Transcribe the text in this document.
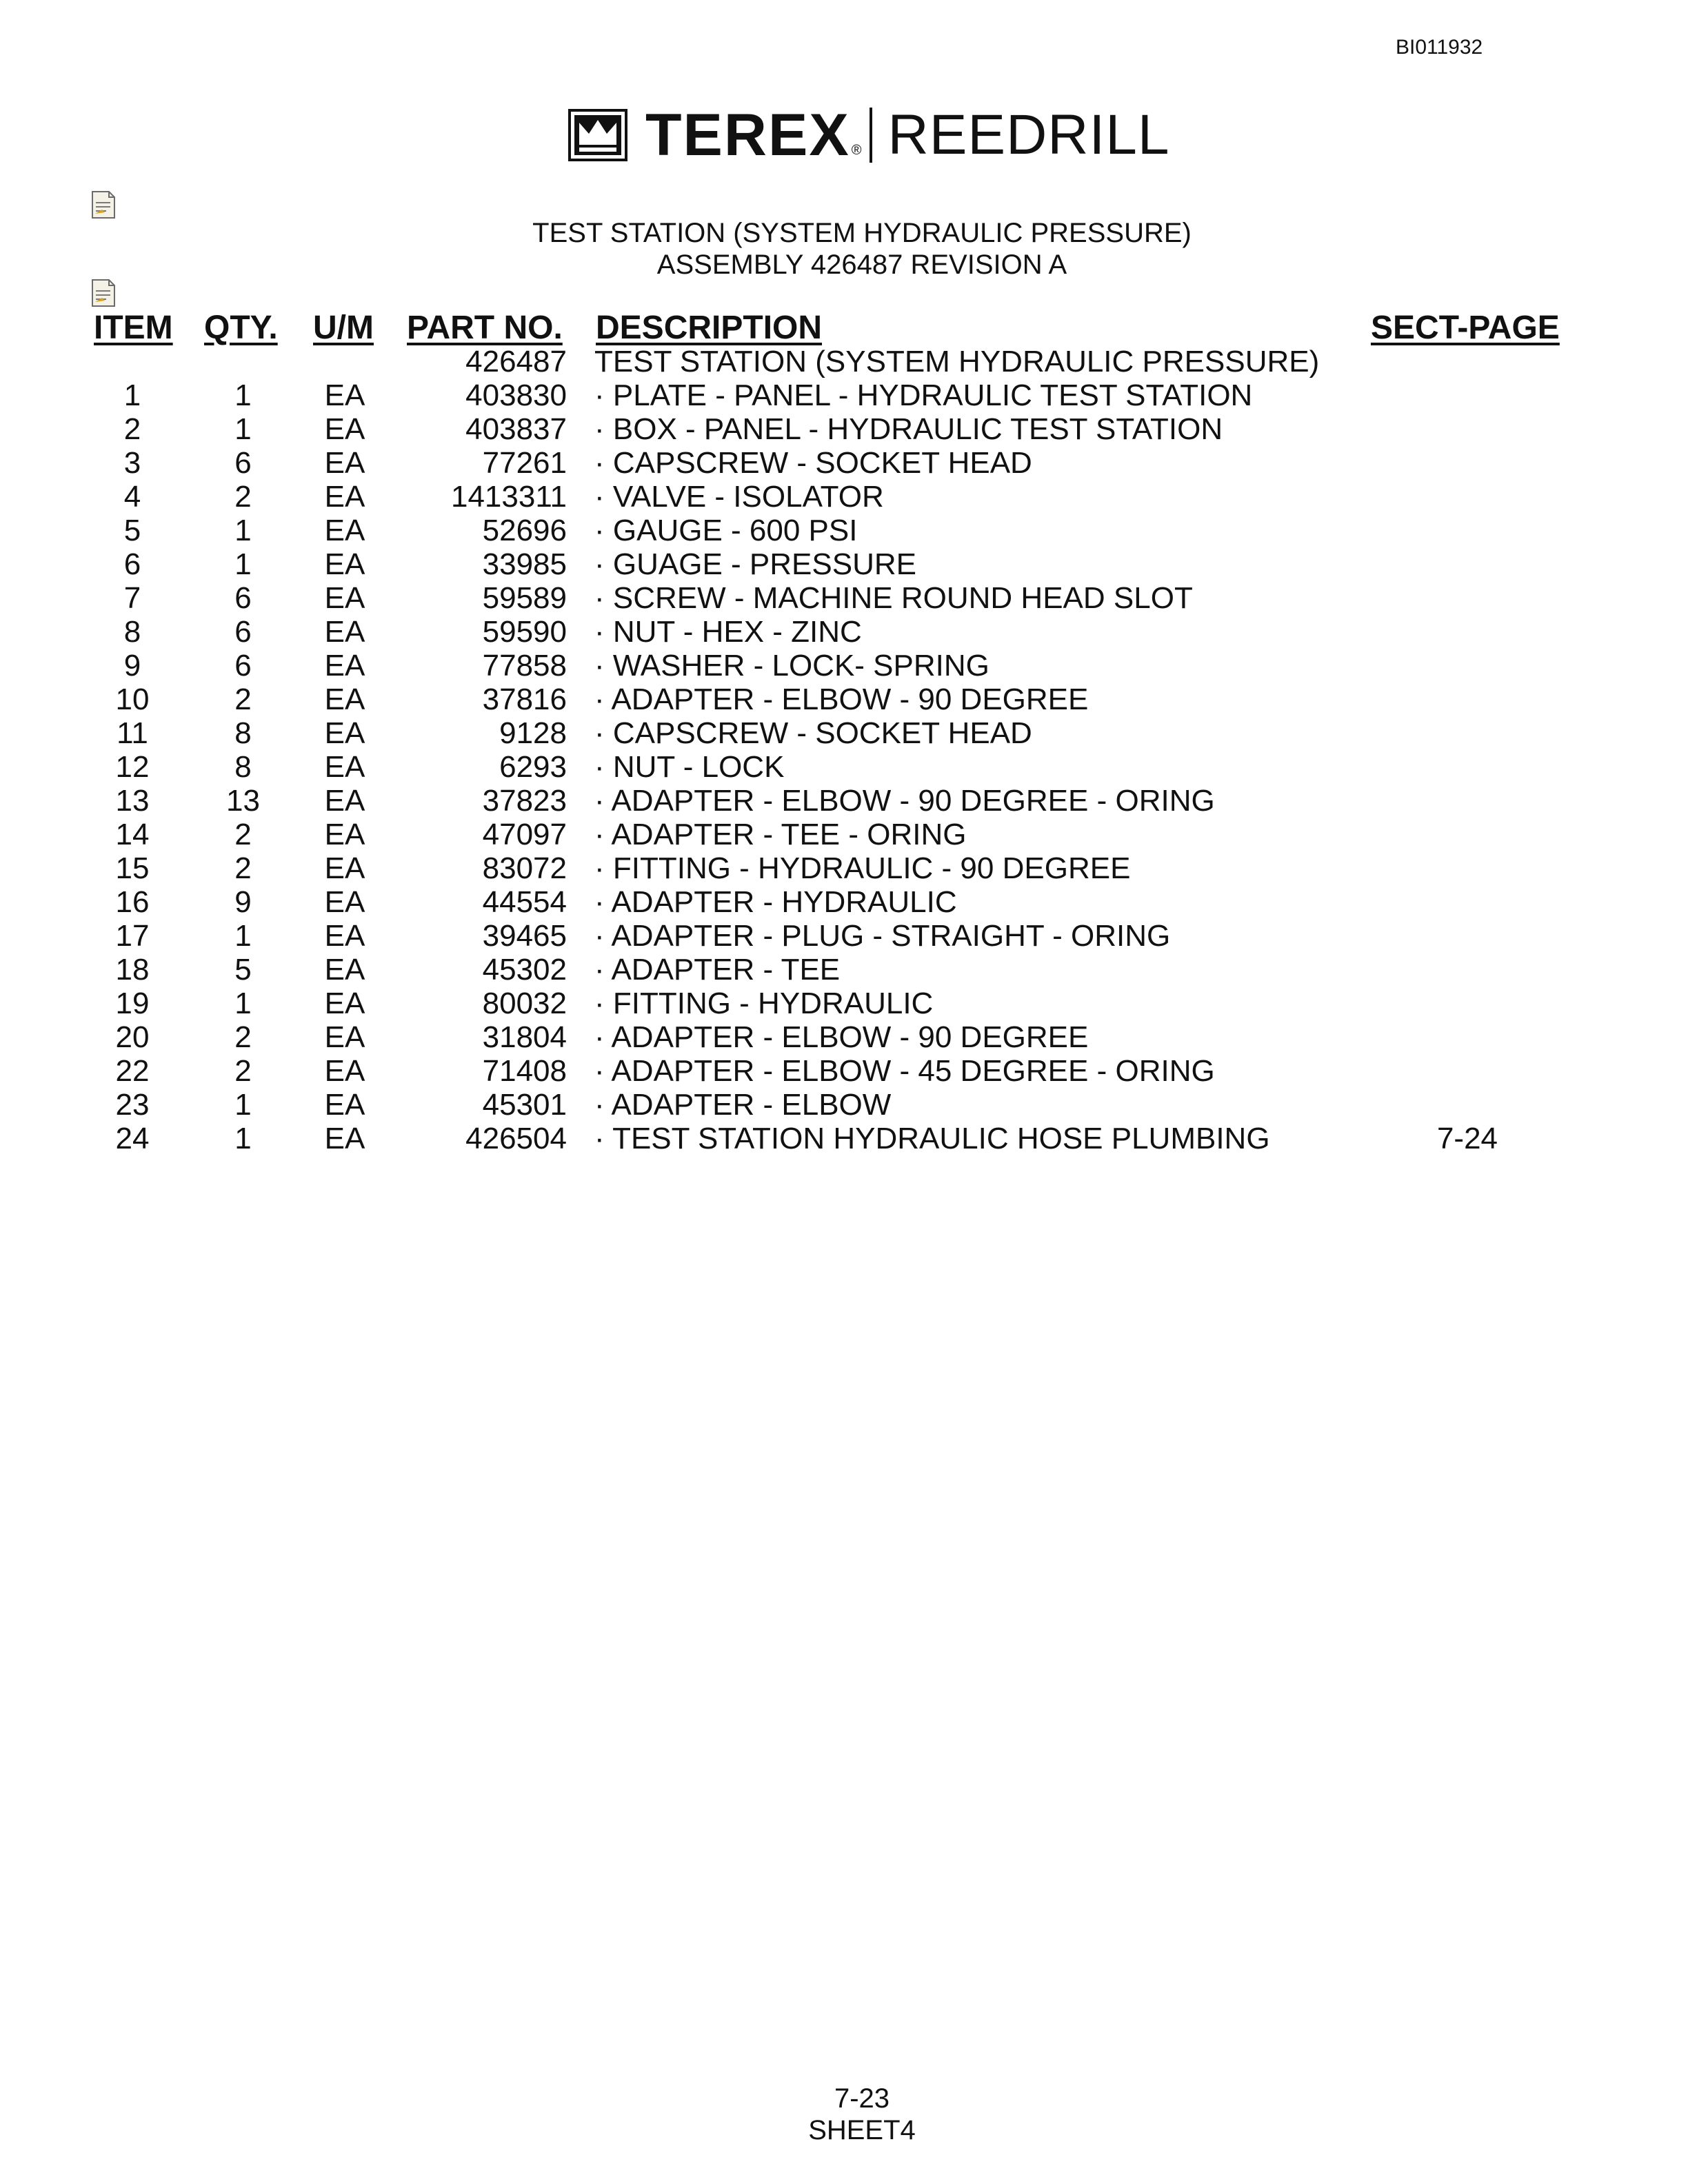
BI011932
TEREX ® REEDRILL
TEST STATION (SYSTEM HYDRAULIC PRESSURE)
ASSEMBLY 426487 REVISION A
ITEM QTY. U/M PART NO. DESCRIPTION	SECT-PAGE
426487 TEST STATION (SYSTEM HYDRAULIC PRESSURE)
1	1	EA	403830 · PLATE - PANEL - HYDRAULIC TEST STATION
2	1	EA	403837 · BOX - PANEL - HYDRAULIC TEST STATION
3	6	EA	77261 · CAPSCREW - SOCKET HEAD
4	2	EA	1413311 · VALVE - ISOLATOR
5	1	EA	52696 · GAUGE - 600 PSI
6	1	EA	33985 · GUAGE - PRESSURE
7	6	EA	59589 · SCREW - MACHINE ROUND HEAD SLOT
8	6	EA	59590 · NUT - HEX - ZINC
9	6	EA	77858 · WASHER - LOCK- SPRING
10	2	EA	37816 · ADAPTER - ELBOW - 90 DEGREE
11	8	EA	9128 · CAPSCREW - SOCKET HEAD
12	8	EA	6293 · NUT - LOCK
13	13	EA	37823 · ADAPTER - ELBOW - 90 DEGREE - ORING
14	2	EA	47097 · ADAPTER - TEE - ORING
15	2	EA	83072 · FITTING - HYDRAULIC - 90 DEGREE
16	9	EA	44554 · ADAPTER - HYDRAULIC
17	1	EA	39465 · ADAPTER - PLUG - STRAIGHT - ORING
18	5	EA	45302 · ADAPTER - TEE
19	1	EA	80032 · FITTING - HYDRAULIC
20	2	EA	31804 · ADAPTER - ELBOW - 90 DEGREE
22	2	EA	71408 · ADAPTER - ELBOW - 45 DEGREE - ORING
23	1	EA	45301 · ADAPTER - ELBOW
24	1	EA	426504 · TEST STATION HYDRAULIC HOSE PLUMBING	7-24
7-23
SHEET4
